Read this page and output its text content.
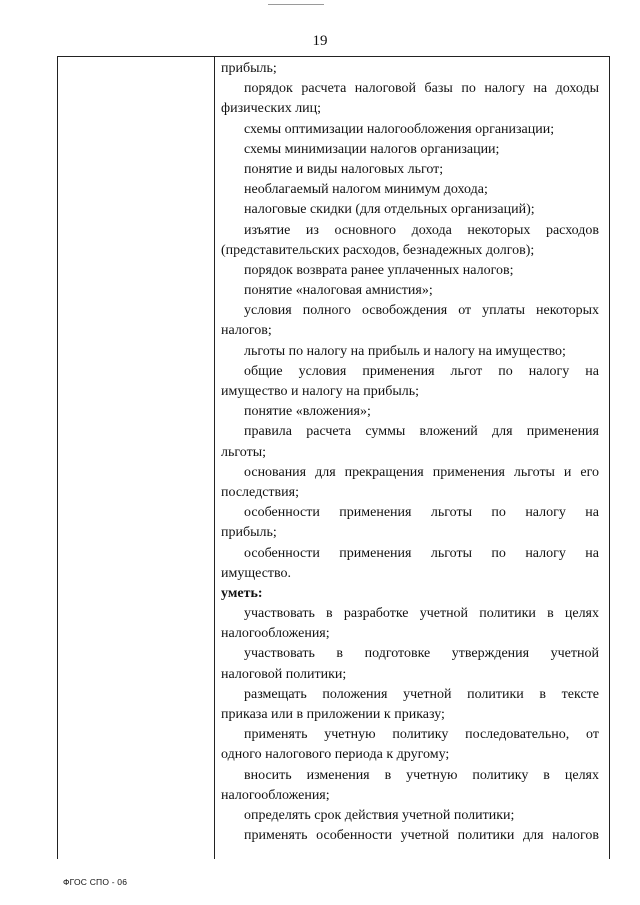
19
прибыль;
порядок расчета налоговой базы по налогу на доходы
физических лиц;
схемы оптимизации налогообложения организации;
схемы минимизации налогов организации;
понятие и виды налоговых льгот;
необлагаемый налогом минимум дохода;
налоговые скидки (для отдельных организаций);
изъятие из основного дохода некоторых расходов
(представительских расходов, безнадежных долгов);
порядок возврата ранее уплаченных налогов;
понятие «налоговая амнистия»;
условия полного освобождения от уплаты некоторых
налогов;
льготы по налогу на прибыль и налогу на имущество;
общие условия применения льгот по налогу на
имущество и налогу на прибыль;
понятие «вложения»;
правила расчета суммы вложений для применения
льготы;
основания для прекращения применения льготы и его
последствия;
особенности применения льготы по налогу на
прибыль;
особенности применения льготы по налогу на
имущество.
уметь:
участвовать в разработке учетной политики в целях
налогообложения;
участвовать в подготовке утверждения учетной
налоговой политики;
размещать положения учетной политики в тексте
приказа или в приложении к приказу;
применять учетную политику последовательно, от
одного налогового периода к другому;
вносить изменения в учетную политику в целях
налогообложения;
определять срок действия учетной политики;
применять особенности учетной политики для налогов
ФГОС СПО - 06
